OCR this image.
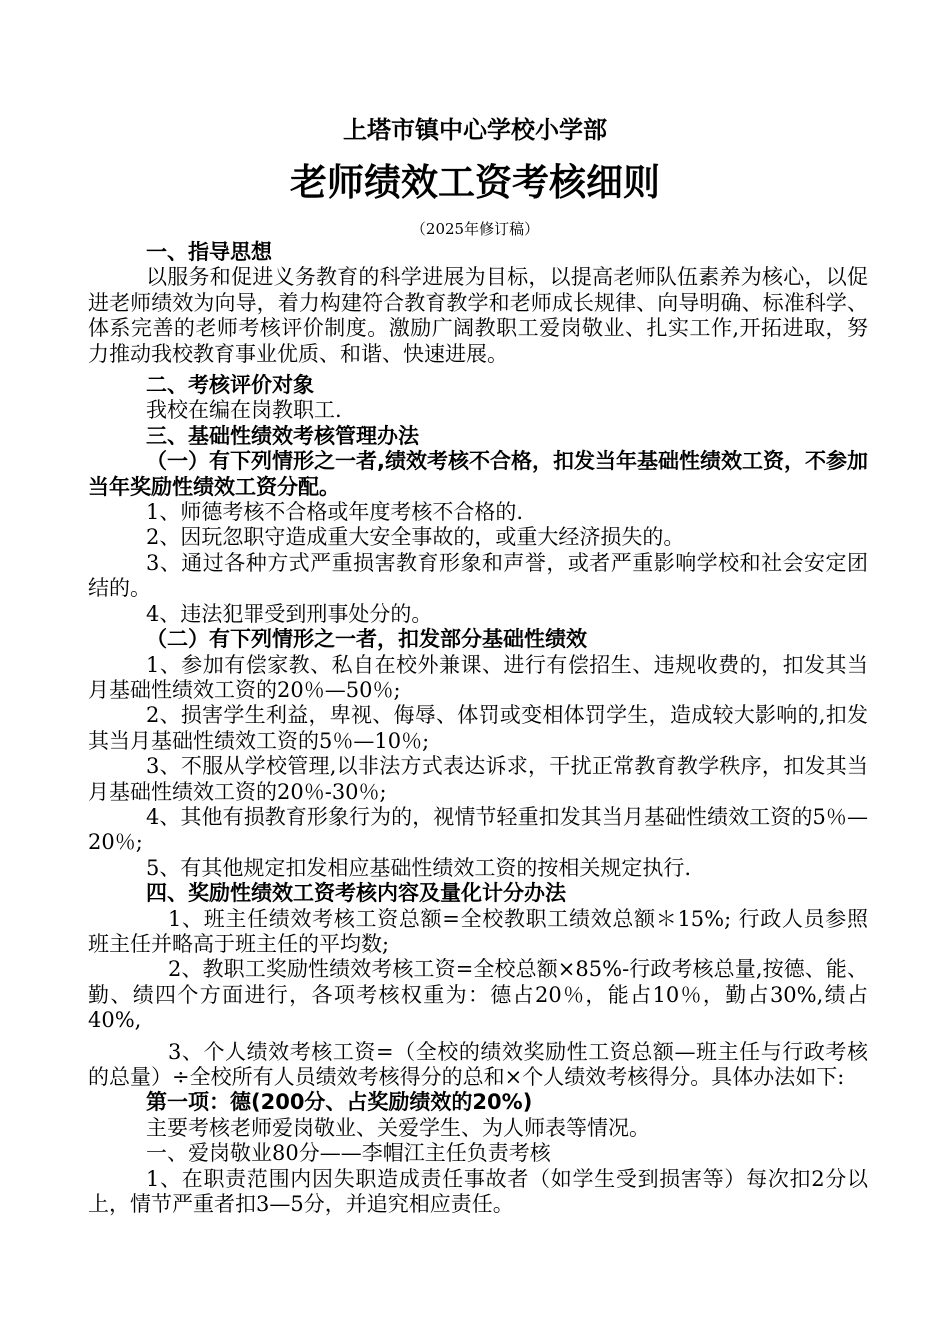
上塔市镇中心学校小学部
老师绩效工资考核细则
（2025年修订稿）

一、指导思想

以服务和促进义务教育的科学进展为目标，以提高老师队伍素养为核心，以促进老师绩效为向导，着力构建符合教育教学和老师成长规律、向导明确、标准科学、体系完善的老师考核评价制度。激励广阔教职工爱岗敬业、扎实工作,开拓进取，努力推动我校教育事业优质、和谐、快速进展。

二、考核评价对象

我校在编在岗教职工.

三、基础性绩效考核管理办法

（一）有下列情形之一者,绩效考核不合格，扣发当年基础性绩效工资，不参加当年奖励性绩效工资分配。

1、师德考核不合格或年度考核不合格的.

2、因玩忽职守造成重大安全事故的，或重大经济损失的。

3、通过各种方式严重损害教育形象和声誉，或者严重影响学校和社会安定团结的。

4、违法犯罪受到刑事处分的。

（二）有下列情形之一者，扣发部分基础性绩效

1、参加有偿家教、私自在校外兼课、进行有偿招生、违规收费的，扣发其当月基础性绩效工资的20％—50％;

2、损害学生利益，卑视、侮辱、体罚或变相体罚学生，造成较大影响的,扣发其当月基础性绩效工资的5％—10％;

3、不服从学校管理,以非法方式表达诉求，干扰正常教育教学秩序，扣发其当月基础性绩效工资的20％-30％;

4、其他有损教育形象行为的，视情节轻重扣发其当月基础性绩效工资的5％—20％;

5、有其他规定扣发相应基础性绩效工资的按相关规定执行.

四、奖励性绩效工资考核内容及量化计分办法

1、班主任绩效考核工资总额=全校教职工绩效总额＊15%; 行政人员参照班主任并略高于班主任的平均数;

2、教职工奖励性绩效考核工资=全校总额×85%-行政考核总量,按德、能、勤、绩四个方面进行，各项考核权重为：德占20％，能占10％，勤占30%,绩占40%,

3、个人绩效考核工资=（全校的绩效奖励性工资总额—班主任与行政考核的总量）÷全校所有人员绩效考核得分的总和×个人绩效考核得分。具体办法如下:

第一项：德(200分、占奖励绩效的20%)

主要考核老师爱岗敬业、关爱学生、为人师表等情况。

一、爱岗敬业80分——李帽江主任负责考核

1、在职责范围内因失职造成责任事故者（如学生受到损害等）每次扣2分以上，情节严重者扣3—5分，并追究相应责任。
